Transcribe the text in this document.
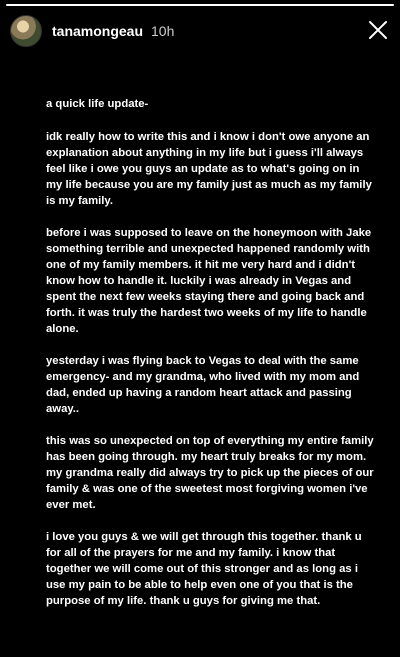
tanamongeau 10h

a quick life update-

idk really how to write this and i know i don't owe anyone an explanation about anything in my life but i guess i'll always feel like i owe you guys an update as to what's going on in my life because you are my family just as much as my family is my family.

before i was supposed to leave on the honeymoon with Jake something terrible and unexpected happened randomly with one of my family members. it hit me very hard and i didn't know how to handle it. luckily i was already in Vegas and spent the next few weeks staying there and going back and forth. it was truly the hardest two weeks of my life to handle alone.

yesterday i was flying back to Vegas to deal with the same emergency- and my grandma, who lived with my mom and dad, ended up having a random heart attack and passing away..

this was so unexpected on top of everything my entire family has been going through. my heart truly breaks for my mom. my grandma really did always try to pick up the pieces of our family & was one of the sweetest most forgiving women i've ever met.

i love you guys & we will get through this together. thank u for all of the prayers for me and my family. i know that together we will come out of this stronger and as long as i use my pain to be able to help even one of you that is the purpose of my life. thank u guys for giving me that.
